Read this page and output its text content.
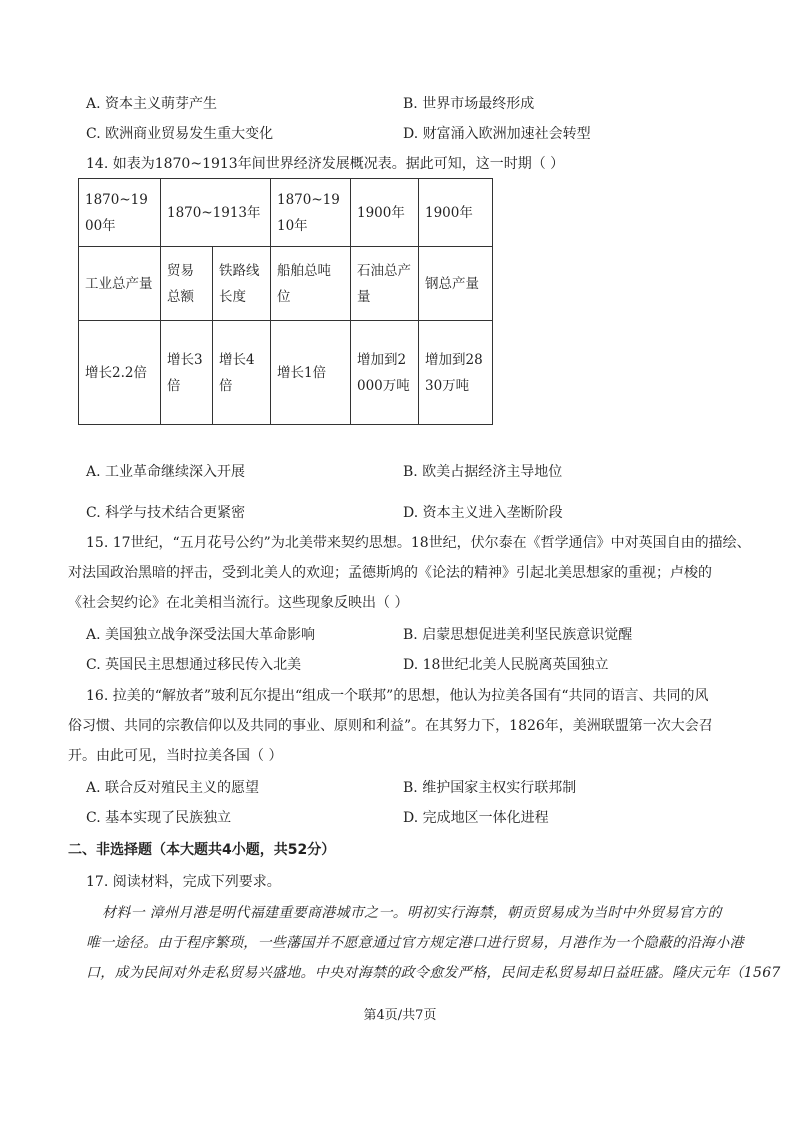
A. 资本主义萌芽产生	B. 世界市场最终形成
C. 欧洲商业贸易发生重大变化	D. 财富涌入欧洲加速社会转型
14. 如表为1870~1913年间世界经济发展概况表。据此可知，这一时期（ ）
1870~1900年	1870~1913年		1870~1910年	1900年	1900年
工业总产量	贸易总额	铁路线长度	船舶总吨位	石油总产量	钢总产量
增长2.2倍	增长3倍	增长4倍	增长1倍	增加到2000万吨	增加到2830万吨
A. 工业革命继续深入开展	B. 欧美占据经济主导地位
C. 科学与技术结合更紧密	D. 资本主义进入垄断阶段
15. 17世纪，“五月花号公约”为北美带来契约思想。18世纪，伏尔泰在《哲学通信》中对英国自由的描绘、
对法国政治黑暗的抨击，受到北美人的欢迎；孟德斯鸠的《论法的精神》引起北美思想家的重视；卢梭的
《社会契约论》在北美相当流行。这些现象反映出（ ）
A. 美国独立战争深受法国大革命影响	B. 启蒙思想促进美利坚民族意识觉醒
C. 英国民主思想通过移民传入北美	D. 18世纪北美人民脱离英国独立
16. 拉美的“解放者”玻利瓦尔提出“组成一个联邦”的思想，他认为拉美各国有“共同的语言、共同的风
俗习惯、共同的宗教信仰以及共同的事业、原则和利益”。在其努力下，1826年，美洲联盟第一次大会召
开。由此可见，当时拉美各国（ ）
A. 联合反对殖民主义的愿望	B. 维护国家主权实行联邦制
C. 基本实现了民族独立	D. 完成地区一体化进程
二、非选择题（本大题共4小题，共52分）
17. 阅读材料，完成下列要求。
材料一 漳州月港是明代福建重要商港城市之一。明初实行海禁，朝贡贸易成为当时中外贸易官方的
唯一途径。由于程序繁琐，一些藩国并不愿意通过官方规定港口进行贸易，月港作为一个隐蔽的沿海小港
口，成为民间对外走私贸易兴盛地。中央对海禁的政令愈发严格，民间走私贸易却日益旺盛。隆庆元年（1567
第4页/共7页
